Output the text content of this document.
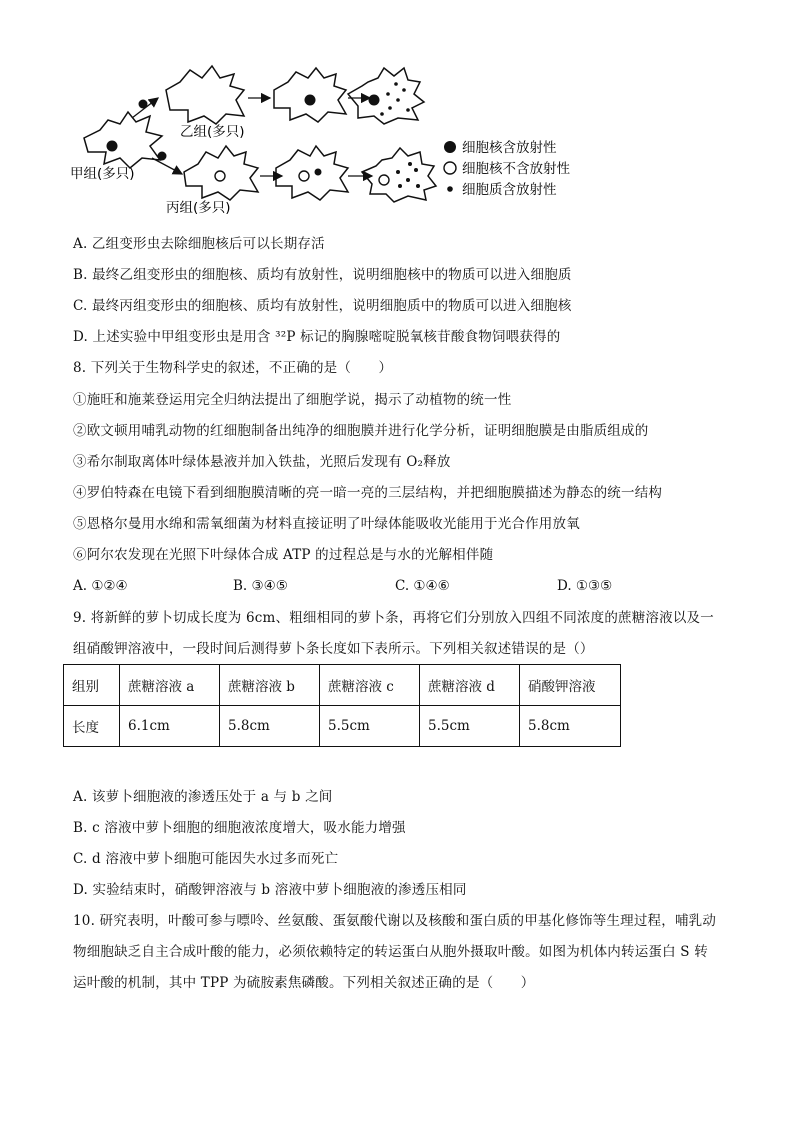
乙组(多只)
甲组(多只)
丙组(多只)
细胞核含放射性
细胞核不含放射性
细胞质含放射性
A. 乙组变形虫去除细胞核后可以长期存活
B. 最终乙组变形虫的细胞核、质均有放射性，说明细胞核中的物质可以进入细胞质
C. 最终丙组变形虫的细胞核、质均有放射性，说明细胞质中的物质可以进入细胞核
D. 上述实验中甲组变形虫是用含 ³²P 标记的胸腺嘧啶脱氧核苷酸食物饲喂获得的
8. 下列关于生物科学史的叙述，不正确的是（　　）
①施旺和施莱登运用完全归纳法提出了细胞学说，揭示了动植物的统一性
②欧文顿用哺乳动物的红细胞制备出纯净的细胞膜并进行化学分析，证明细胞膜是由脂质组成的
③希尔制取离体叶绿体悬液并加入铁盐，光照后发现有 O₂释放
④罗伯特森在电镜下看到细胞膜清晰的亮一暗一亮的三层结构，并把细胞膜描述为静态的统一结构
⑤恩格尔曼用水绵和需氧细菌为材料直接证明了叶绿体能吸收光能用于光合作用放氧
⑥阿尔农发现在光照下叶绿体合成 ATP 的过程总是与水的光解相伴随
A. ①②④	B. ③④⑤	C. ①④⑥	D. ①③⑤
9. 将新鲜的萝卜切成长度为 6cm、粗细相同的萝卜条，再将它们分别放入四组不同浓度的蔗糖溶液以及一
组硝酸钾溶液中，一段时间后测得萝卜条长度如下表所示。下列相关叙述错误的是（）
组别	蔗糖溶液 a	蔗糖溶液 b	蔗糖溶液 c	蔗糖溶液 d	硝酸钾溶液
长度	6.1cm	5.8cm	5.5cm	5.5cm	5.8cm
A. 该萝卜细胞液的渗透压处于 a 与 b 之间
B. c 溶液中萝卜细胞的细胞液浓度增大，吸水能力增强
C. d 溶液中萝卜细胞可能因失水过多而死亡
D. 实验结束时，硝酸钾溶液与 b 溶液中萝卜细胞液的渗透压相同
10. 研究表明，叶酸可参与嘌呤、丝氨酸、蛋氨酸代谢以及核酸和蛋白质的甲基化修饰等生理过程，哺乳动
物细胞缺乏自主合成叶酸的能力，必须依赖特定的转运蛋白从胞外摄取叶酸。如图为机体内转运蛋白 S 转
运叶酸的机制，其中 TPP 为硫胺素焦磷酸。下列相关叙述正确的是（　　）
